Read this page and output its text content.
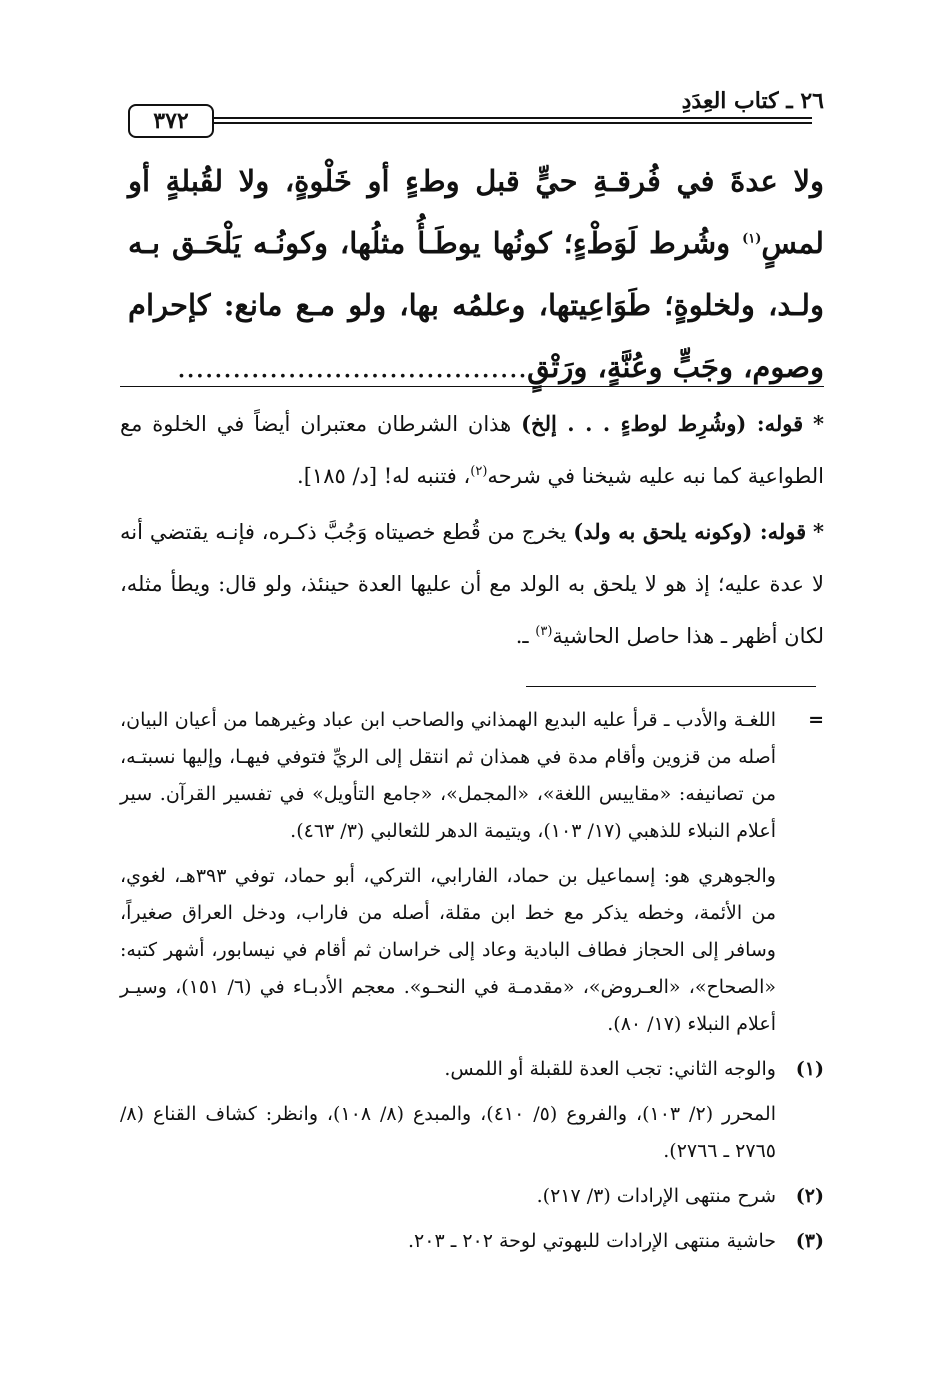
٢٦ ـ كتاب العِدَدِ
٣٧٢
ولا عدةَ في فُرقـةِ حيٍّ قبل وطءٍ أو خَلْوةٍ، ولا لقُبلةٍ أو لمسٍ$^{(١)}$ وشُرط لَوَطْءٍ؛ كونُها يوطَـأُ مثلُها، وكونُـه يَلْحَـق بـه ولـد، ولخلوةٍ؛ طَوَاعِيتها، وعلمُه بها، ولو مـع مانع: كإحرام وصوم، وجَبٍّ وعُنَّةٍ، ورَتْقٍ......................................

* قوله: (وشُرِط لوطءٍ . . . إلخ) هذان الشرطان معتبران أيضاً في الخلوة مع الطواعية كما نبه عليه شيخنا في شرحه$^{(٢)}$، فتنبه له! [د/ ١٨٥].

* قوله: (وكونه يلحق به ولد) يخرج من قُطع خصيتاه وَجُبَّ ذكـره، فإنـه يقتضي أنه لا عدة عليه؛ إذ هو لا يلحق به الولد مع أن عليها العدة حينئذ، ولو قال: ويطأ مثله، لكان أظهر ـ هذا حاصل الحاشية$^{(٣)}$ ـ.

=
اللغـة والأدب ـ قرأ عليه البديع الهمذاني والصاحب ابن عباد وغيرهما من أعيان البيان، أصله من قزوين وأقام مدة في همذان ثم انتقل إلى الريِّ فتوفي فيهـا، وإليها نسبتـه، من تصانيفه: «مقاييس اللغة»، «المجمل»، «جامع التأويل» في تفسير القرآن. سير أعلام النبلاء للذهبي (١٧/ ١٠٣)، ويتيمة الدهر للثعالبي (٣/ ٤٦٣).
والجوهري هو: إسماعيل بن حماد، الفارابي، التركي، أبو حماد، توفي ٣٩٣هـ، لغوي، من الأئمة، وخطه يذكر مع خط ابن مقلة، أصله من فاراب، ودخل العراق صغيراً، وسافر إلى الحجاز فطاف البادية وعاد إلى خراسان ثم أقام في نيسابور، أشهر كتبه: «الصحاح»، «العـروض»، «مقدمـة في النحـو». معجم الأدبـاء في (٦/ ١٥١)، وسيـر أعلام النبلاء (١٧/ ٨٠).
(١)
والوجه الثاني: تجب العدة للقبلة أو اللمس.
المحرر (٢/ ١٠٣)، والفروع (٥/ ٤١٠)، والمبدع (٨/ ١٠٨)، وانظر: كشاف القناع (٨/ ٢٧٦٥ ـ ٢٧٦٦).
(٢)
شرح منتهى الإرادات (٣/ ٢١٧).
(٣)
حاشية منتهى الإرادات للبهوتي لوحة ٢٠٢ ـ ٢٠٣.
